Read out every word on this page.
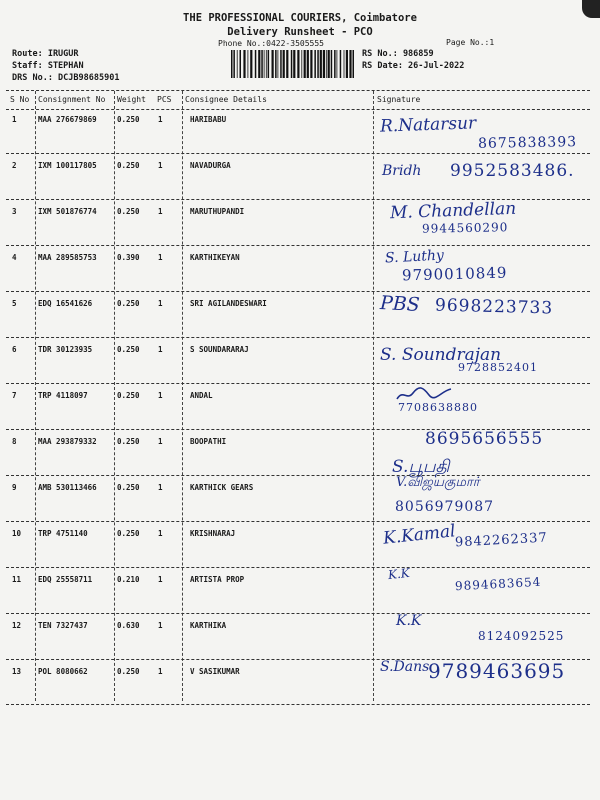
THE PROFESSIONAL COURIERS, Coimbatore
Delivery Runsheet - PCO
Phone No.:0422-3505555	Page No.:1
Route: IRUGUR
Staff: STEPHAN
DRS No.: DCJB98685901
RS No.: 986859
RS Date: 26-Jul-2022
S No Consignment No Weight PCS Consignee Details	Signature
1	MAA 276679869	0.250 1	HARIBABU	R.Natarsur
8675838393
2	IXM 100117805	0.250 1	NAVADURGA	Bridh 9952583486.
3	IXM 501876774	0.250 1	MARUTHUPANDI	M. Chandellan
9944560290
4	MAA 289585753	0.390 1	KARTHIKEYAN	S. Luthy
9790010849
5	EDQ 16541626	0.250 1	SRI AGILANDESWARI	PBS 9698223733
6	TDR 30123935	0.250 1	S SOUNDARARAJ	S. Soundrajan
9728852401
7	TRP 4118097	0.250 1	ANDAL
7708638880
8	MAA 293879332	0.250 1	BOOPATHI
S.பூபதி
8695656555
9	AMB 530113466	0.250 1	KARTHICK GEARS	V.விஜயகுமார்
8056979087
10 TRP 4751140	0.250 1	KRISHNARAJ	K.Kamal
9842262337
11 EDQ 25558711	0.210 1	ARTISTA PROP	K.K
9894683654
12 TEN 7327437	0.630 1	KARTHIKA	K.K
8124092525
13 POL 8080662	0.250 1	V SASIKUMAR	S.Dans
9789463695
